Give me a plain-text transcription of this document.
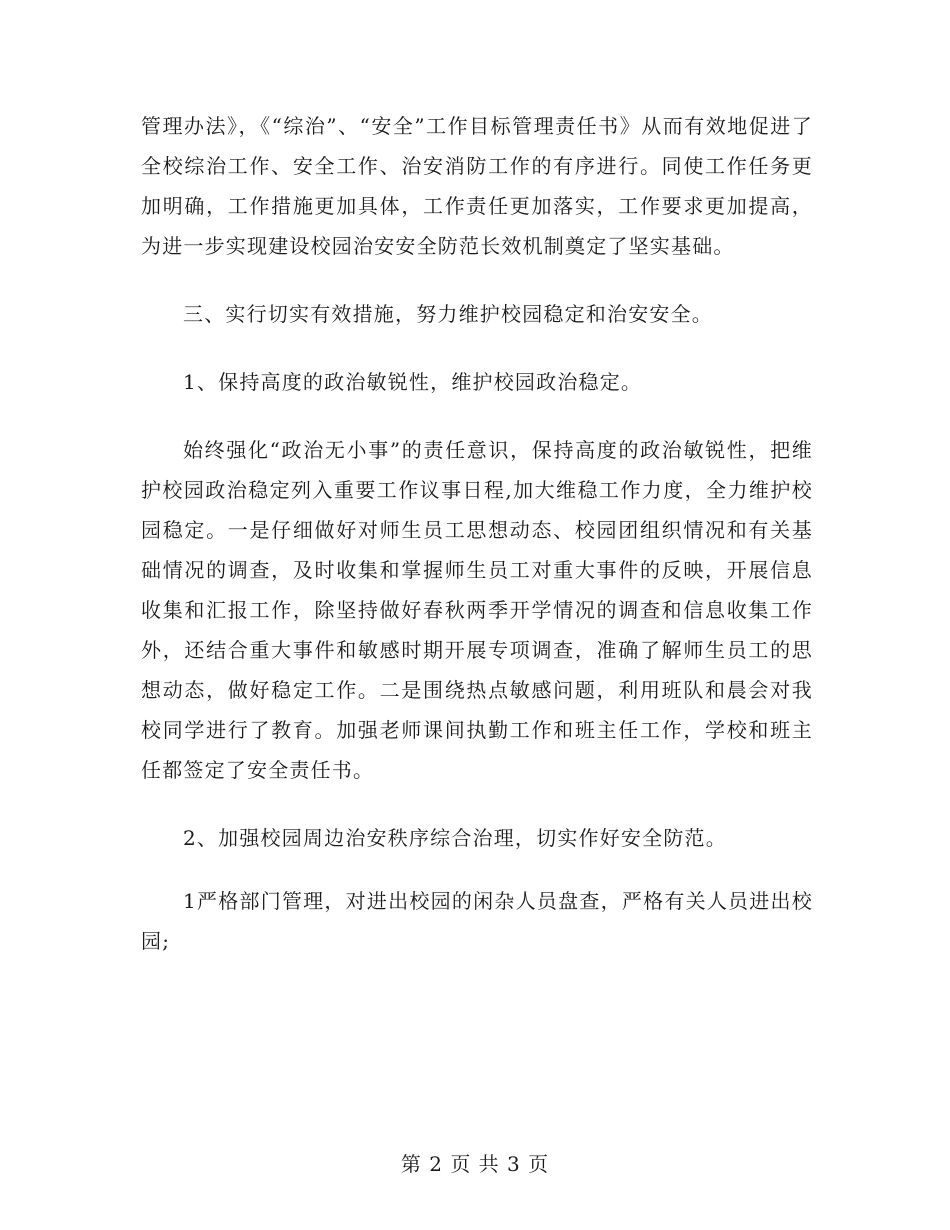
管理办法》，《“综治”、“安全”工作目标管理责任书》从而有效地促进了全校综治工作、安全工作、治安消防工作的有序进行。同使工作任务更加明确，工作措施更加具体，工作责任更加落实，工作要求更加提高，为进一步实现建设校园治安安全防范长效机制奠定了坚实基础。

三、实行切实有效措施，努力维护校园稳定和治安安全。

1、保持高度的政治敏锐性，维护校园政治稳定。

始终强化“政治无小事”的责任意识，保持高度的政治敏锐性，把维护校园政治稳定列入重要工作议事日程,加大维稳工作力度，全力维护校园稳定。一是仔细做好对师生员工思想动态、校园团组织情况和有关基础情况的调查，及时收集和掌握师生员工对重大事件的反映，开展信息收集和汇报工作，除坚持做好春秋两季开学情况的调查和信息收集工作外，还结合重大事件和敏感时期开展专项调查，准确了解师生员工的思想动态，做好稳定工作。二是围绕热点敏感问题，利用班队和晨会对我校同学进行了教育。加强老师课间执勤工作和班主任工作，学校和班主任都签定了安全责任书。

2、加强校园周边治安秩序综合治理，切实作好安全防范。

1严格部门管理，对进出校园的闲杂人员盘查，严格有关人员进出校园;

第 2 页 共 3 页
